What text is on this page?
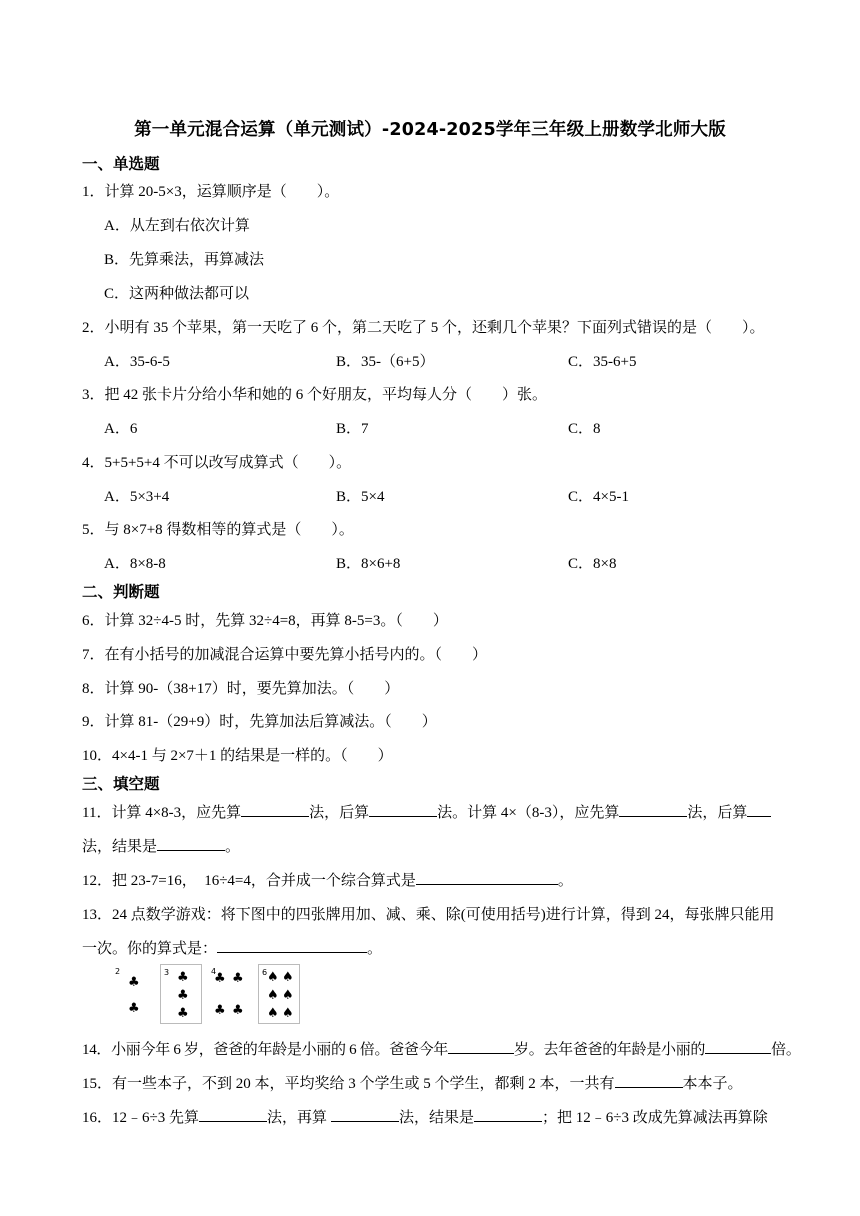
第一单元混合运算（单元测试）-2024-2025学年三年级上册数学北师大版
一、单选题
1．计算 20-5×3，运算顺序是（　　）。
A．从左到右依次计算
B．先算乘法，再算减法
C．这两种做法都可以
2．小明有 35 个苹果，第一天吃了 6 个，第二天吃了 5 个，还剩几个苹果？下面列式错误的是（　　）。
A．35-6-5	B．35-（6+5）	C．35-6+5
3．把 42 张卡片分给小华和她的 6 个好朋友，平均每人分（　　）张。
A．6	B．7	C．8
4．5+5+5+4 不可以改写成算式（　　）。
A．5×3+4	B．5×4	C．4×5-1
5．与 8×7+8 得数相等的算式是（　　）。
A．8×8-8	B．8×6+8	C．8×8
二、判断题
6．计算 32÷4-5 时，先算 32÷4=8，再算 8-5=3。（　　）
7．在有小括号的加减混合运算中要先算小括号内的。（　　）
8．计算 90-（38+17）时，要先算加法。（　　）
9．计算 81-（29+9）时，先算加法后算减法。（　　）
10．4×4-1 与 2×7＋1 的结果是一样的。（　　）
三、填空题
11．计算 4×8-3，应先算	法，后算	法。计算 4×（8-3），应先算	法，后算
法，结果是	。
12．把 23-7=16，　16÷4=4，合并成一个综合算式是	。
13．24 点数学游戏：将下图中的四张牌用加、减、乘、除(可使用括号)进行计算，得到 24，每张牌只能用
一次。你的算式是：	。
2
♣
♣
3 ♣
♣
♣
4
♣ ♣
♣ ♣
6 ♠ ♠
♠ ♠
♠ ♠
14．小丽今年 6 岁，爸爸的年龄是小丽的 6 倍。爸爸今年	岁。去年爸爸的年龄是小丽的	倍。
15．有一些本子，不到 20 本，平均奖给 3 个学生或 5 个学生，都剩 2 本，一共有	本本子。
16．12﹣6÷3 先算	法，再算	法，结果是	；把 12﹣6÷3 改成先算减法再算除
